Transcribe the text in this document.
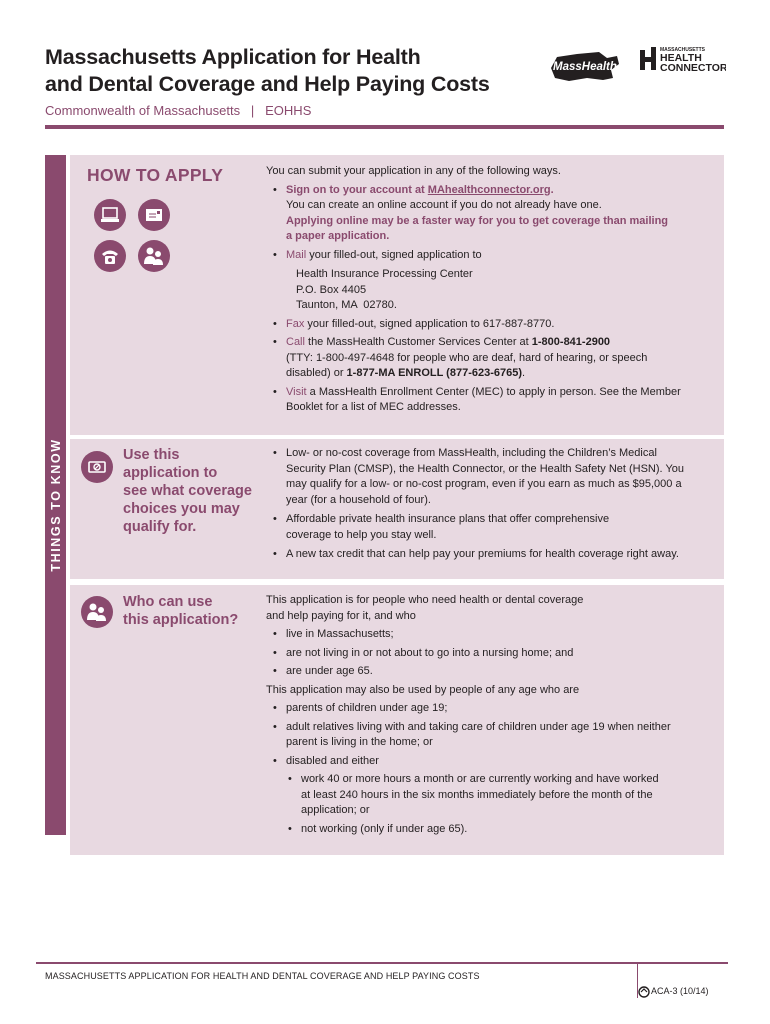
Massachusetts Application for Health
and Dental Coverage and Help Paying Costs
MassHealth
MASSACHUSETTS
HEALTH
CONNECTOR
Commonwealth of Massachusetts   |   EOHHS
THINGS TO KNOW
HOW TO APPLY	You can submit your application in any of the following ways.
• Sign on to your account at MAhealthconnector.org.
You can create an online account if you do not already have one.
Applying online may be a faster way for you to get coverage than mailing
a paper application.
• Mail your filled-out, signed application to
Health Insurance Processing Center
P.O. Box 4405
Taunton, MA  02780.
• Fax your filled-out, signed application to 617-887-8770.
• Call the MassHealth Customer Services Center at 1-800-841-2900
(TTY: 1-800-497-4648 for people who are deaf, hard of hearing, or speech
disabled) or 1-877-MA ENROLL (877-623-6765).
• Visit a MassHealth Enrollment Center (MEC) to apply in person. See the Member
Booklet for a list of MEC addresses.
Use this
application to
see what coverage
choices you may
qualify for.
• Low- or no-cost coverage from MassHealth, including the Children’s Medical
Security Plan (CMSP), the Health Connector, or the Health Safety Net (HSN). You
may qualify for a low- or no-cost program, even if you earn as much as $95,000 a
year (for a household of four).
• Affordable private health insurance plans that offer comprehensive
coverage to help you stay well.
• A new tax credit that can help pay your premiums for health coverage right away.
Who can use
this application?
This application is for people who need health or dental coverage
and help paying for it, and who
• live in Massachusetts;
• are not living in or not about to go into a nursing home; and
• are under age 65.
This application may also be used by people of any age who are
• parents of children under age 19;
• adult relatives living with and taking care of children under age 19 when neither
parent is living in the home; or
• disabled and either
• work 40 or more hours a month or are currently working and have worked
at least 240 hours in the six months immediately before the month of the
application; or
• not working (only if under age 65).
MASSACHUSETTS APPLICATION FOR HEALTH AND DENTAL COVERAGE AND HELP PAYING COSTS
ACA-3 (10/14)
